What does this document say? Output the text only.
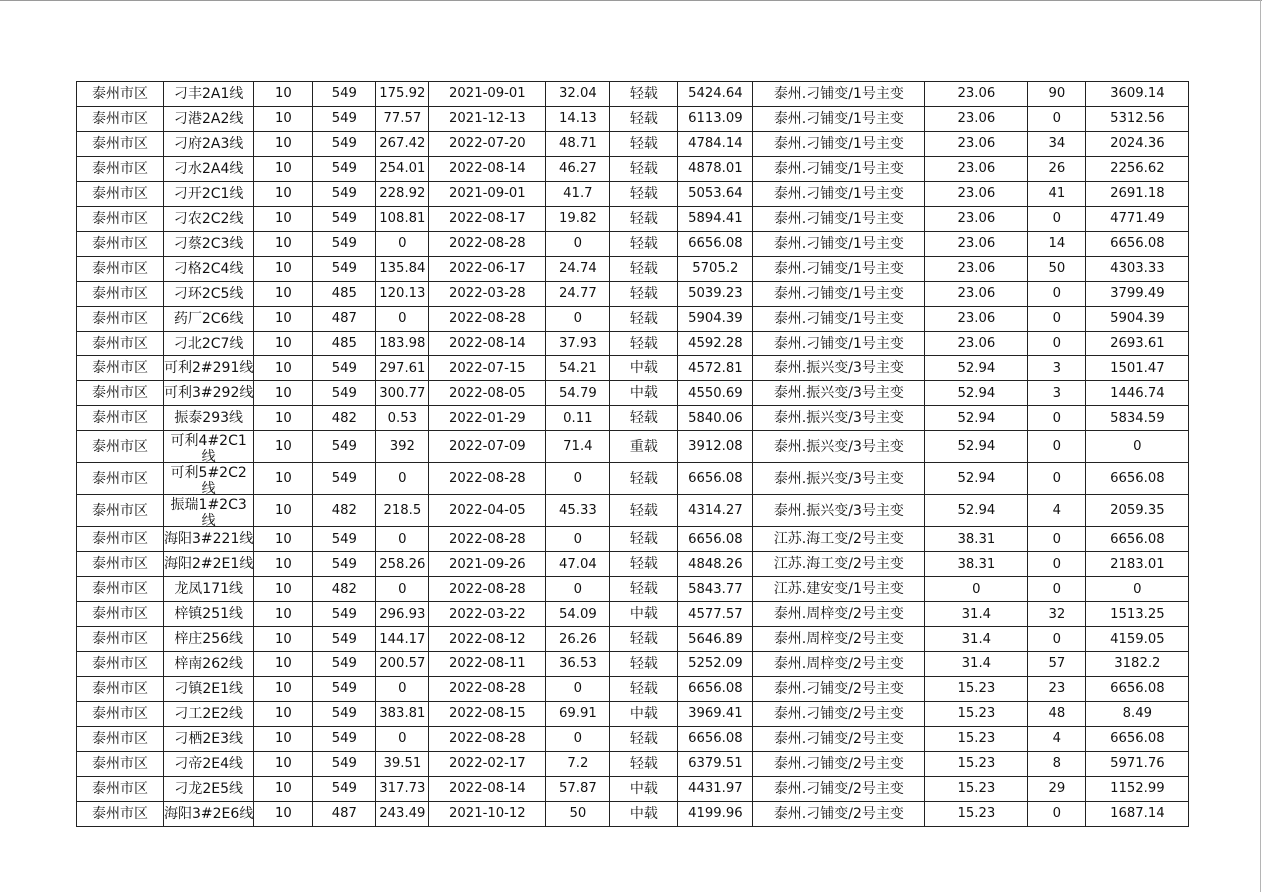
泰州市区	刁丰2A1线	10	549	175.92	2021-09-01	32.04	轻载	5424.64	泰州.刁铺变/1号主变	23.06	90	3609.14
泰州市区	刁港2A2线	10	549	77.57	2021-12-13	14.13	轻载	6113.09	泰州.刁铺变/1号主变	23.06	0	5312.56
泰州市区	刁府2A3线	10	549	267.42	2022-07-20	48.71	轻载	4784.14	泰州.刁铺变/1号主变	23.06	34	2024.36
泰州市区	刁水2A4线	10	549	254.01	2022-08-14	46.27	轻载	4878.01	泰州.刁铺变/1号主变	23.06	26	2256.62
泰州市区	刁开2C1线	10	549	228.92	2021-09-01	41.7	轻载	5053.64	泰州.刁铺变/1号主变	23.06	41	2691.18
泰州市区	刁农2C2线	10	549	108.81	2022-08-17	19.82	轻载	5894.41	泰州.刁铺变/1号主变	23.06	0	4771.49
泰州市区	刁蔡2C3线	10	549	0	2022-08-28	0	轻载	6656.08	泰州.刁铺变/1号主变	23.06	14	6656.08
泰州市区	刁格2C4线	10	549	135.84	2022-06-17	24.74	轻载	5705.2	泰州.刁铺变/1号主变	23.06	50	4303.33
泰州市区	刁环2C5线	10	485	120.13	2022-03-28	24.77	轻载	5039.23	泰州.刁铺变/1号主变	23.06	0	3799.49
泰州市区	药厂2C6线	10	487	0	2022-08-28	0	轻载	5904.39	泰州.刁铺变/1号主变	23.06	0	5904.39
泰州市区	刁北2C7线	10	485	183.98	2022-08-14	37.93	轻载	4592.28	泰州.刁铺变/1号主变	23.06	0	2693.61
泰州市区	可利2#291线	10	549	297.61	2022-07-15	54.21	中载	4572.81	泰州.振兴变/3号主变	52.94	3	1501.47
泰州市区	可利3#292线	10	549	300.77	2022-08-05	54.79	中载	4550.69	泰州.振兴变/3号主变	52.94	3	1446.74
泰州市区	振泰293线	10	482	0.53	2022-01-29	0.11	轻载	5840.06	泰州.振兴变/3号主变	52.94	0	5834.59
泰州市区	可利4#2C1线	10	549	392	2022-07-09	71.4	重载	3912.08	泰州.振兴变/3号主变	52.94	0	0
泰州市区	可利5#2C2线	10	549	0	2022-08-28	0	轻载	6656.08	泰州.振兴变/3号主变	52.94	0	6656.08
泰州市区	振瑞1#2C3线	10	482	218.5	2022-04-05	45.33	轻载	4314.27	泰州.振兴变/3号主变	52.94	4	2059.35
泰州市区	海阳3#221线	10	549	0	2022-08-28	0	轻载	6656.08	江苏.海工变/2号主变	38.31	0	6656.08
泰州市区	海阳2#2E1线	10	549	258.26	2021-09-26	47.04	轻载	4848.26	江苏.海工变/2号主变	38.31	0	2183.01
泰州市区	龙凤171线	10	482	0	2022-08-28	0	轻载	5843.77	江苏.建安变/1号主变	0	0	0
泰州市区	梓镇251线	10	549	296.93	2022-03-22	54.09	中载	4577.57	泰州.周梓变/2号主变	31.4	32	1513.25
泰州市区	梓庄256线	10	549	144.17	2022-08-12	26.26	轻载	5646.89	泰州.周梓变/2号主变	31.4	0	4159.05
泰州市区	梓南262线	10	549	200.57	2022-08-11	36.53	轻载	5252.09	泰州.周梓变/2号主变	31.4	57	3182.2
泰州市区	刁镇2E1线	10	549	0	2022-08-28	0	轻载	6656.08	泰州.刁铺变/2号主变	15.23	23	6656.08
泰州市区	刁工2E2线	10	549	383.81	2022-08-15	69.91	中载	3969.41	泰州.刁铺变/2号主变	15.23	48	8.49
泰州市区	刁栖2E3线	10	549	0	2022-08-28	0	轻载	6656.08	泰州.刁铺变/2号主变	15.23	4	6656.08
泰州市区	刁帝2E4线	10	549	39.51	2022-02-17	7.2	轻载	6379.51	泰州.刁铺变/2号主变	15.23	8	5971.76
泰州市区	刁龙2E5线	10	549	317.73	2022-08-14	57.87	中载	4431.97	泰州.刁铺变/2号主变	15.23	29	1152.99
泰州市区	海阳3#2E6线	10	487	243.49	2021-10-12	50	中载	4199.96	泰州.刁铺变/2号主变	15.23	0	1687.14
